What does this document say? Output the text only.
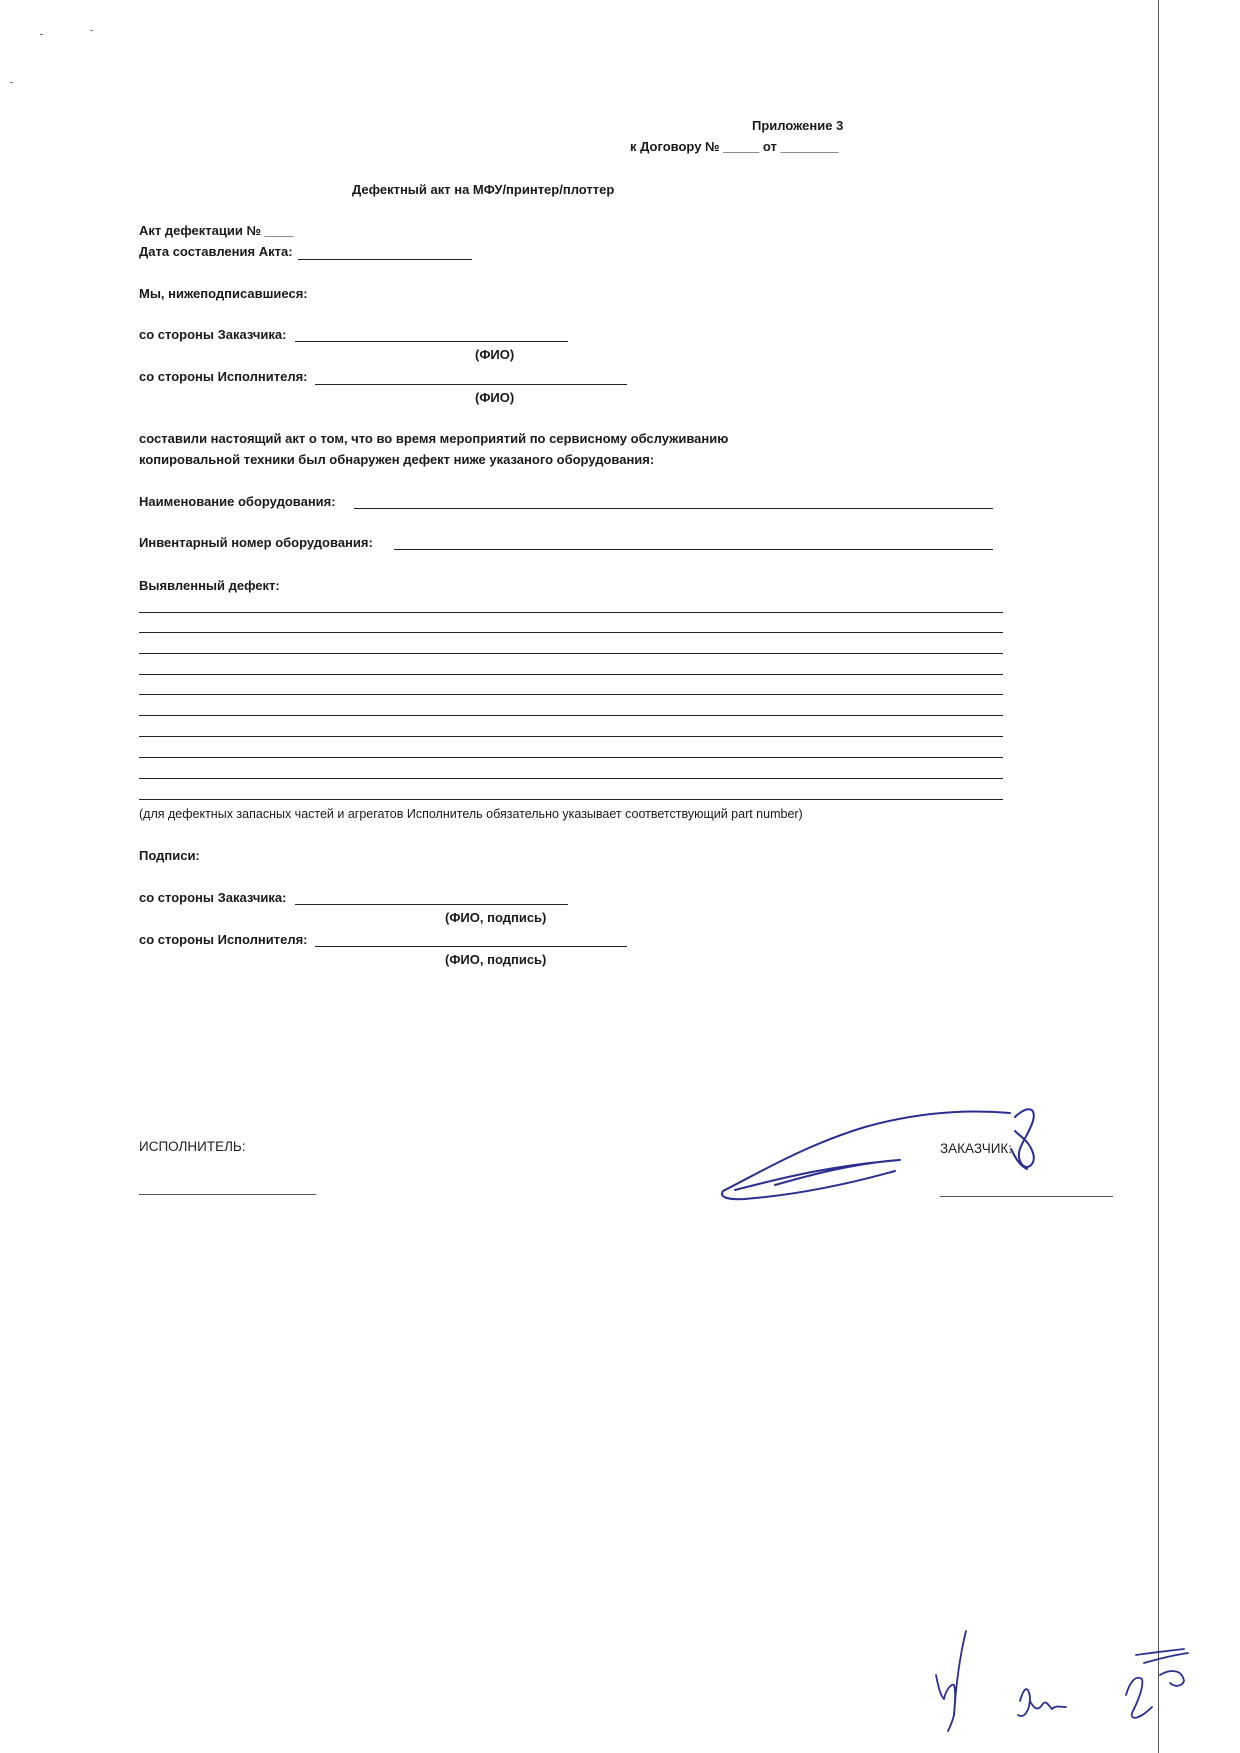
Приложение 3
к Договору № _____ от ________
Дефектный акт на МФУ/принтер/плоттер
Акт дефектации № ____
Дата составления Акта:
Мы, нижеподписавшиеся:
со стороны Заказчика:
(ФИО)
со стороны Исполнителя:
(ФИО)
составили настоящий акт о том, что во время мероприятий по сервисному обслуживанию
копировальной техники был обнаружен дефект ниже указаного оборудования:
Наименование оборудования:
Инвентарный номер оборудования:
Выявленный дефект:
(для дефектных запасных частей и агрегатов Исполнитель обязательно указывает соответствующий part number)
Подписи:
со стороны Заказчика:
(ФИО, подпись)
со стороны Исполнителя:
(ФИО, подпись)
ИСПОЛНИТЕЛЬ:	ЗАКАЗЧИК:
